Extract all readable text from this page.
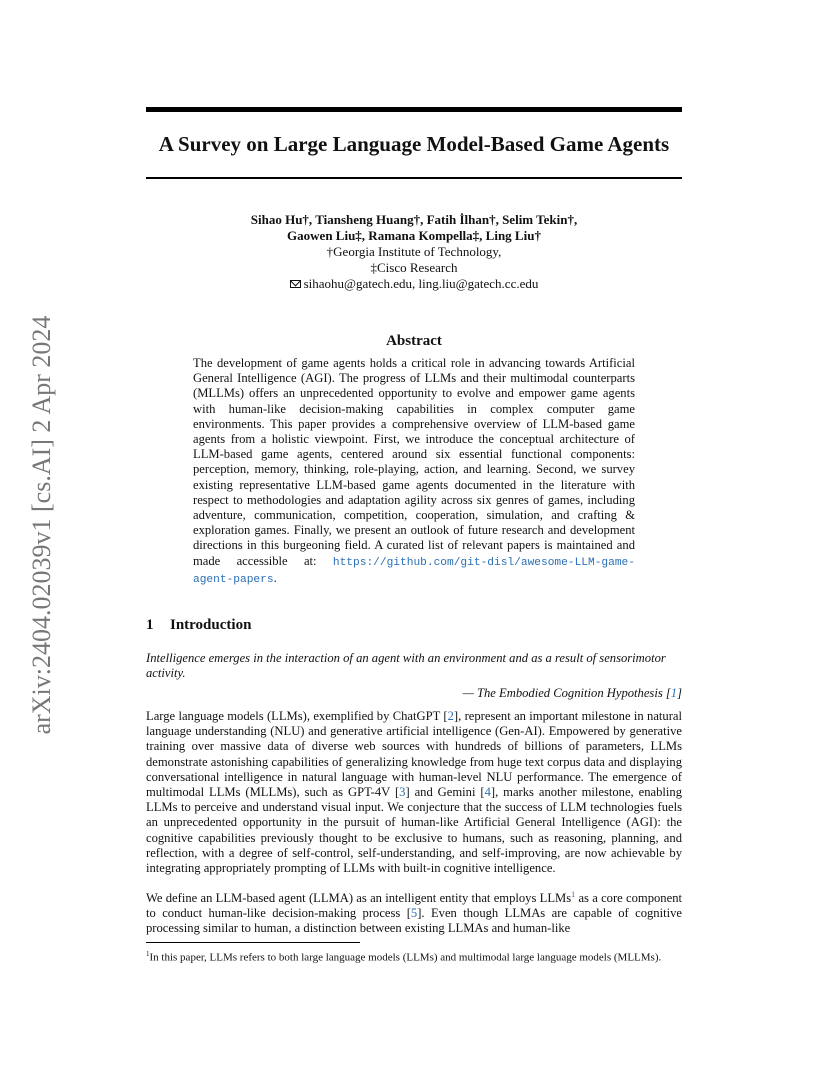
arXiv:2404.02039v1 [cs.AI] 2 Apr 2024
A Survey on Large Language Model-Based Game Agents
Sihao Hu†, Tiansheng Huang†, Fatih İlhan†, Selim Tekin†,
Gaowen Liu‡, Ramana Kompella‡, Ling Liu†
†Georgia Institute of Technology,
‡Cisco Research
sihaohu@gatech.edu, ling.liu@gatech.cc.edu
Abstract
The development of game agents holds a critical role in advancing towards Artificial General Intelligence (AGI). The progress of LLMs and their multimodal counterparts (MLLMs) offers an unprecedented opportunity to evolve and empower game agents with human-like decision-making capabilities in complex computer game environments. This paper provides a comprehensive overview of LLM-based game agents from a holistic viewpoint. First, we introduce the conceptual architecture of LLM-based game agents, centered around six essential functional components: perception, memory, thinking, role-playing, action, and learning. Second, we survey existing representative LLM-based game agents documented in the literature with respect to methodologies and adaptation agility across six genres of games, including adventure, communication, competition, cooperation, simulation, and crafting & exploration games. Finally, we present an outlook of future research and development directions in this burgeoning field. A curated list of relevant papers is maintained and made accessible at: https://github.com/git-disl/awesome-LLM-game-agent-papers.
1 Introduction
Intelligence emerges in the interaction of an agent with an environment and as a result of sensorimotor activity.
— The Embodied Cognition Hypothesis [1]
Large language models (LLMs), exemplified by ChatGPT [2], represent an important milestone in natural language understanding (NLU) and generative artificial intelligence (Gen-AI). Empowered by generative training over massive data of diverse web sources with hundreds of billions of parameters, LLMs demonstrate astonishing capabilities of generalizing knowledge from huge text corpus data and displaying conversational intelligence in natural language with human-level NLU performance. The emergence of multimodal LLMs (MLLMs), such as GPT-4V [3] and Gemini [4], marks another milestone, enabling LLMs to perceive and understand visual input. We conjecture that the success of LLM technologies fuels an unprecedented opportunity in the pursuit of human-like Artificial General Intelligence (AGI): the cognitive capabilities previously thought to be exclusive to humans, such as reasoning, planning, and reflection, with a degree of self-control, self-understanding, and self-improving, are now achievable by integrating appropriately prompting of LLMs with built-in cognitive intelligence.
We define an LLM-based agent (LLMA) as an intelligent entity that employs LLMs$^1$ as a core component to conduct human-like decision-making process [5]. Even though LLMAs are capable of cognitive processing similar to human, a distinction between existing LLMAs and human-like
$^1$In this paper, LLMs refers to both large language models (LLMs) and multimodal large language models (MLLMs).
